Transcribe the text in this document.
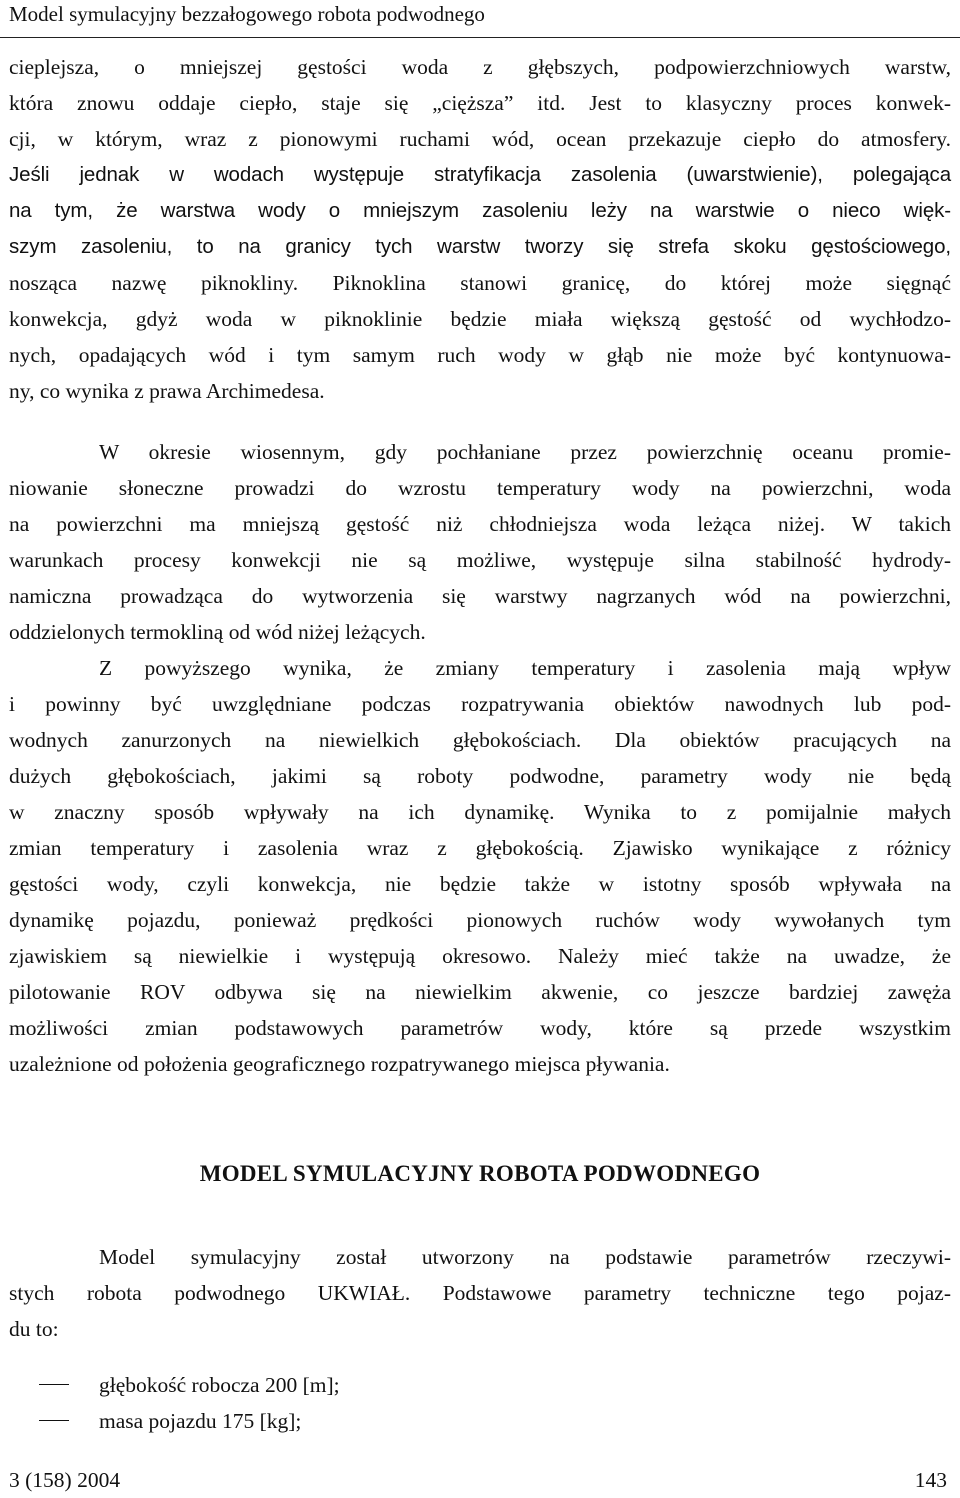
Model symulacyjny bezzałogowego robota podwodnego
cieplejsza, o mniejszej gęstości woda z głębszych, podpowierzchniowych warstw,
która znowu oddaje ciepło, staje się „cięższa” itd. Jest to klasyczny proces konwek-
cji, w którym, wraz z pionowymi ruchami wód, ocean przekazuje ciepło do atmosfery.
Jeśli jednak w wodach występuje stratyfikacja zasolenia (uwarstwienie), polegająca
na tym, że warstwa wody o mniejszym zasoleniu leży na warstwie o nieco więk-
szym zasoleniu, to na granicy tych warstw tworzy się strefa skoku gęstościowego,
nosząca nazwę piknokliny. Piknoklina stanowi granicę, do której może sięgnąć
konwekcja, gdyż woda w piknoklinie będzie miała większą gęstość od wychłodzo-
nych, opadających wód i tym samym ruch wody w głąb nie może być kontynuowa-
ny, co wynika z prawa Archimedesa.
W okresie wiosennym, gdy pochłaniane przez powierzchnię oceanu promie-
niowanie słoneczne prowadzi do wzrostu temperatury wody na powierzchni, woda
na powierzchni ma mniejszą gęstość niż chłodniejsza woda leżąca niżej. W takich
warunkach procesy konwekcji nie są możliwe, występuje silna stabilność hydrody-
namiczna prowadząca do wytworzenia się warstwy nagrzanych wód na powierzchni,
oddzielonych termokliną od wód niżej leżących.
Z powyższego wynika, że zmiany temperatury i zasolenia mają wpływ
i powinny być uwzględniane podczas rozpatrywania obiektów nawodnych lub pod-
wodnych zanurzonych na niewielkich głębokościach. Dla obiektów pracujących na
dużych głębokościach, jakimi są roboty podwodne, parametry wody nie będą
w znaczny sposób wpływały na ich dynamikę. Wynika to z pomijalnie małych
zmian temperatury i zasolenia wraz z głębokością. Zjawisko wynikające z różnicy
gęstości wody, czyli konwekcja, nie będzie także w istotny sposób wpływała na
dynamikę pojazdu, ponieważ prędkości pionowych ruchów wody wywołanych tym
zjawiskiem są niewielkie i występują okresowo. Należy mieć także na uwadze, że
pilotowanie ROV odbywa się na niewielkim akwenie, co jeszcze bardziej zawęża
możliwości zmian podstawowych parametrów wody, które są przede wszystkim
uzależnione od położenia geograficznego rozpatrywanego miejsca pływania.
MODEL SYMULACYJNY ROBOTA PODWODNEGO
Model symulacyjny został utworzony na podstawie parametrów rzeczywi-
stych robota podwodnego UKWIAŁ. Podstawowe parametry techniczne tego pojaz-
du to:
głębokość robocza 200 [m];
masa pojazdu 175 [kg];
3 (158) 2004	143
